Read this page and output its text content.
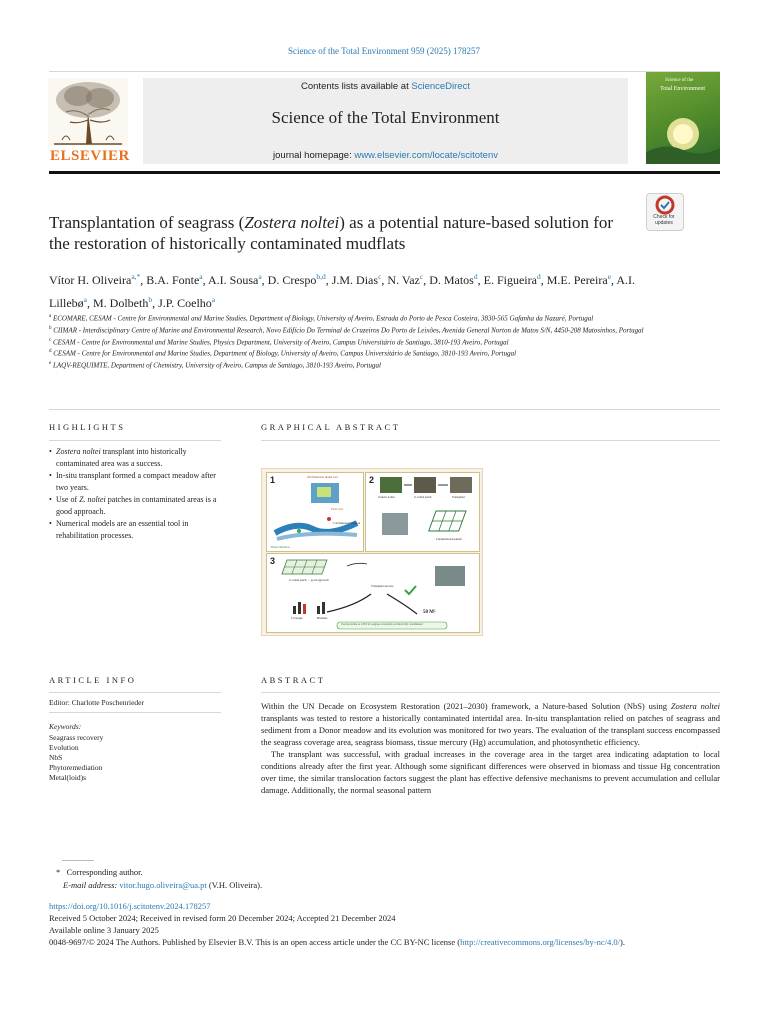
Science of the Total Environment 959 (2025) 178257
ELSEVIER
Contents lists available at ScienceDirect
Science of the Total Environment
journal homepage: www.elsevier.com/locate/scitotenv
Science of the
Total Environment
Check for
updates
Transplantation of seagrass (Zostera noltei) as a potential nature-based solution for the restoration of historically contaminated mudflats
Vítor H. Oliveira$^{a,*}$, B.A. Fonte$^a$, A.I. Sousa$^a$, D. Crespo$^{b,d}$, J.M. Dias$^c$, N. Vaz$^c$, D. Matos$^d$, E. Figueira$^d$, M.E. Pereira$^e$, A.I. Lillebø$^a$, M. Dolbeth$^b$, J.P. Coelho$^a$
$^a$ ECOMARE, CESAM - Centre for Environmental and Marine Studies, Department of Biology, University of Aveiro, Estrada do Porto de Pesca Costeira, 3830-565 Gafanha da Nazaré, Portugal
$^b$ CIIMAR - Interdisciplinary Centre of Marine and Environmental Research, Novo Edifício Do Terminal de Cruzeiros Do Porto de Leixões, Avenida General Norton de Matos S/N, 4450-208 Matosinhos, Portugal
$^c$ CESAM - Centre for Environmental and Marine Studies, Physics Department, University of Aveiro, Campus Universitário de Santiago, 3810-193 Aveiro, Portugal
$^d$ CESAM - Centre for Environmental and Marine Studies, Department of Biology, University of Aveiro, Campus Universitário de Santiago, 3810-193 Aveiro, Portugal
$^e$ LAQV-REQUIMTE, Department of Chemistry, University of Aveiro, Campus de Santiago, 3810-193 Aveiro, Portugal
HIGHLIGHTS
• Zostera noltei transplant into historically contaminated area was a success.
• In-situ transplant formed a compact meadow after two years.
• Use of Z. noltei patches in contaminated areas is a good approach.
• Numerical models are an essential tool in rehabilitation processes.
GRAPHICAL ABSTRACT
1	2D Numerical model tool
Field sites
Donor Meadow
Contaminated location
2
Zostera noltei	Z. noltei patch	Transplant
Checkerboard pattern
3
Z. noltei patch → good approach
Transplant success
50 M²
Coverage	Biomass
Use the patches as a NbS for seagrass ecosystems on historically contaminated
ARTICLE INFO
Editor: Charlotte Poschenrieder
Keywords:
Seagrass recovery
Evolution
NbS
Phytoremediation
Metal(loid)s
ABSTRACT

Within the UN Decade on Ecosystem Restoration (2021–2030) framework, a Nature-based Solution (NbS) using Zostera noltei transplants was tested to restore a historically contaminated intertidal area. In-situ transplantation relied on patches of seagrass and sediment from a Donor meadow and its evolution was monitored for two years. The evaluation of the transplant success encompassed the seagrass coverage area, seagrass biomass, tissue mercury (Hg) accumulation, and photosynthetic efficiency.

The transplant was successful, with gradual increases in the coverage area in the target area indicating adaptation to local conditions already after the first year. Although some significant differences were observed in biomass and tissue Hg concentration over time, the similar translocation factors suggest the plant has effective defensive mechanisms to prevent accumulation and cellular damage. Additionally, the normal seasonal pattern

* Corresponding author.
E-mail address: vitor.hugo.oliveira@ua.pt (V.H. Oliveira).
https://doi.org/10.1016/j.scitotenv.2024.178257
Received 5 October 2024; Received in revised form 20 December 2024; Accepted 21 December 2024
Available online 3 January 2025
0048-9697/© 2024 The Authors. Published by Elsevier B.V. This is an open access article under the CC BY-NC license (http://creativecommons.org/licenses/by-nc/4.0/).
